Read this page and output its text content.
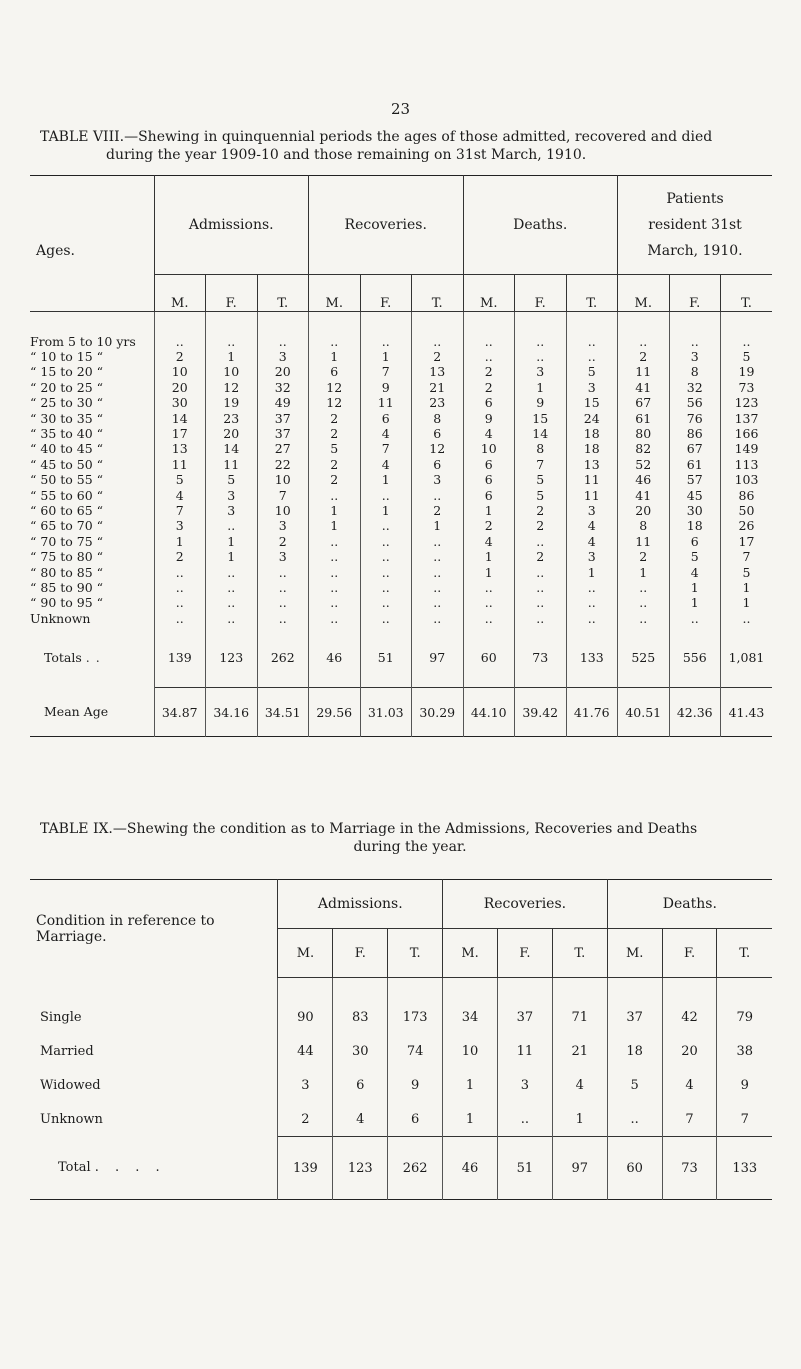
23
TABLE VIII.—Shewing in quinquennial periods the ages of those admitted, recovered and died
during the year 1909-10 and those remaining on 31st March, 1910.
Ages.	Admissions.			Recoveries.			Deaths.			Patients
resident 31st
March, 1910.		

	M.	F.	T.	M.	F.	T.	M.	F.	T.	M.	F.	T.

From 5 to 10 yrs	..	..	..	..	..	..	..	..	..	..	..	..
“ 10 to 15 “	2	1	3	1	1	2	..	..	..	2	3	5
“ 15 to 20 “	10	10	20	6	7	13	2	3	5	11	8	19
“ 20 to 25 “	20	12	32	12	9	21	2	1	3	41	32	73
“ 25 to 30 “	30	19	49	12	11	23	6	9	15	67	56	123
“ 30 to 35 “	14	23	37	2	6	8	9	15	24	61	76	137
“ 35 to 40 “	17	20	37	2	4	6	4	14	18	80	86	166
“ 40 to 45 “	13	14	27	5	7	12	10	8	18	82	67	149
“ 45 to 50 “	11	11	22	2	4	6	6	7	13	52	61	113
“ 50 to 55 “	5	5	10	2	1	3	6	5	11	46	57	103
“ 55 to 60 “	4	3	7	..	..	..	6	5	11	41	45	86
“ 60 to 65 “	7	3	10	1	1	2	1	2	3	20	30	50
“ 65 to 70 “	3	..	3	1	..	1	2	2	4	8	18	26
“ 70 to 75 “	1	1	2	..	..	..	4	..	4	11	6	17
“ 75 to 80 “	2	1	3	..	..	..	1	2	3	2	5	7
“ 80 to 85 “	..	..	..	..	..	..	1	..	1	1	4	5
“ 85 to 90 “	..	..	..	..	..	..	..	..	..	..	1	1
“ 90 to 95 “	..	..	..	..	..	..	..	..	..	..	1	1
Unknown	..	..	..	..	..	..	..	..	..	..	..	..
Totals ..	139	123	262	46	51	97	60	73	133	525	556	1,081
Mean Age	34.87	34.16	34.51	29.56	31.03	30.29	44.10	39.42	41.76	40.51	42.36	41.43
TABLE IX.—Shewing the condition as to Marriage in the Admissions, Recoveries and Deaths
during the year.
Condition in reference to Marriage.	Admissions.			Recoveries.			Deaths.		
	M.	F.	T.	M.	F.	T.	M.	F.	T.

Single	90	83	173	34	37	71	37	42	79
Married	44	30	74	10	11	21	18	20	38
Widowed	3	6	9	1	3	4	5	4	9
Unknown	2	4	6	1	..	1	..	7	7
Total . . . .	139	123	262	46	51	97	60	73	133
